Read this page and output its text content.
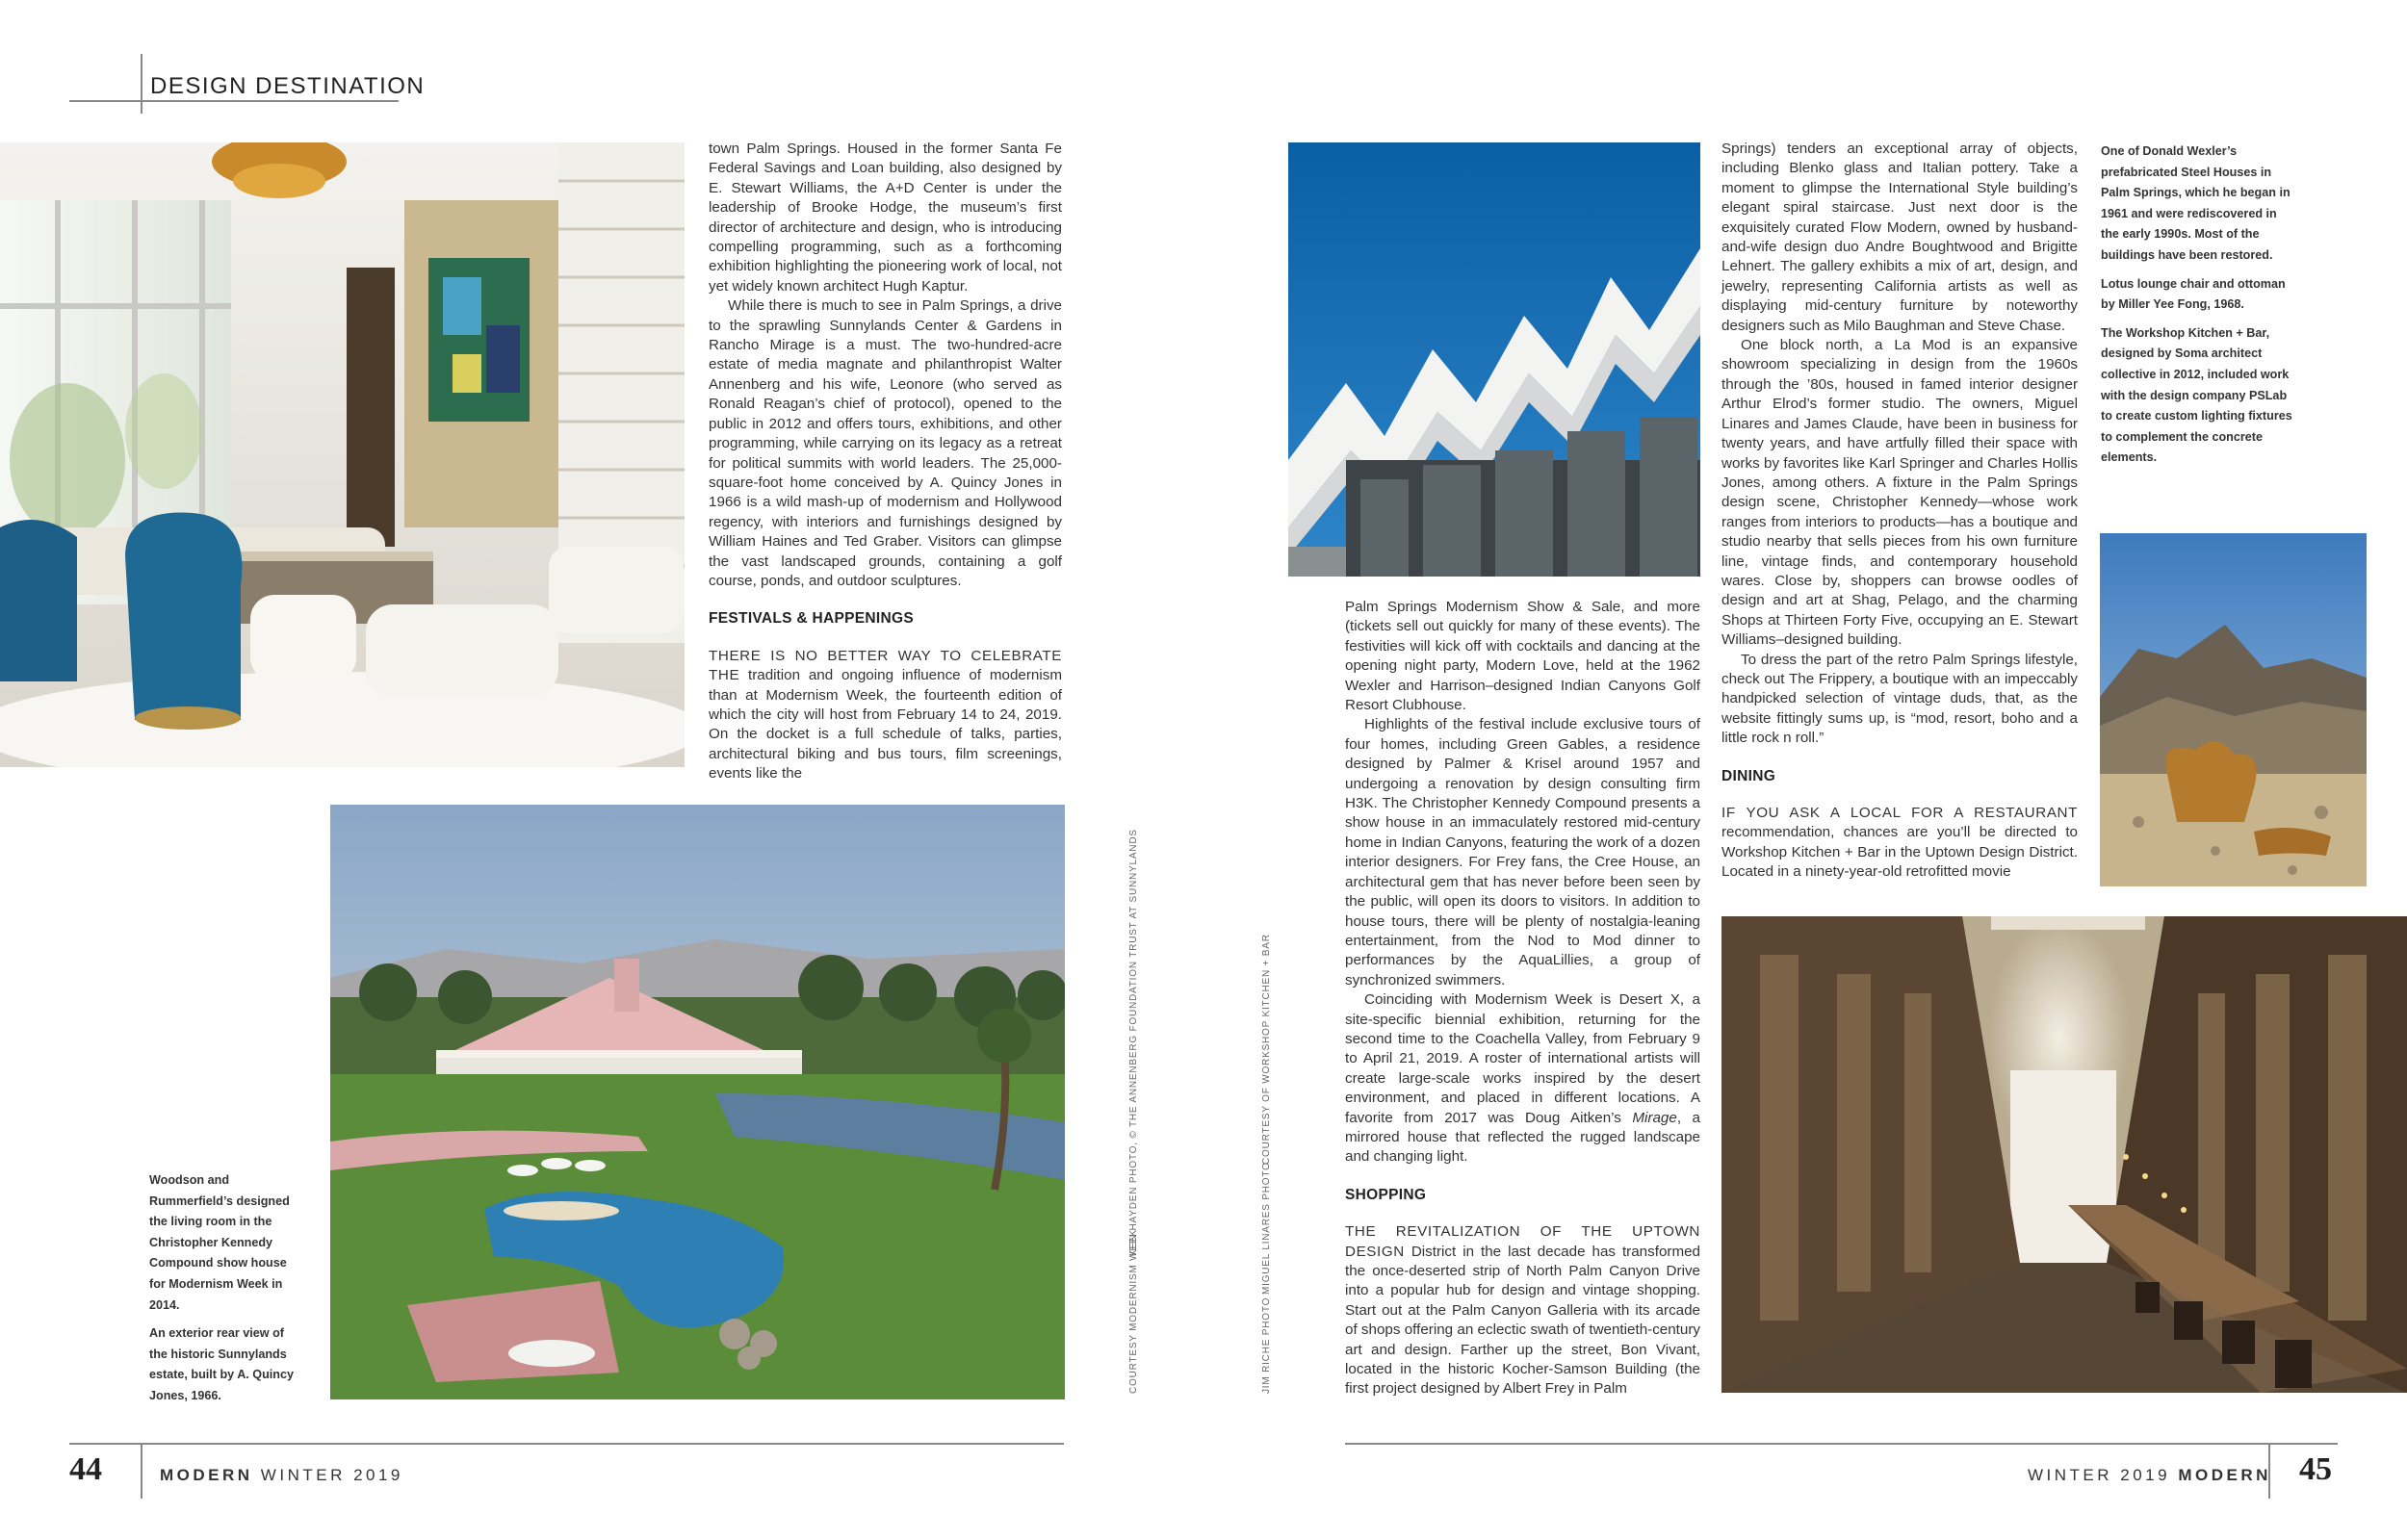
DESIGN DESTINATION

town Palm Springs. Housed in the former Santa Fe Federal Savings and Loan building, also designed by E. Stewart Williams, the A+D Center is under the leadership of Brooke Hodge, the museum’s first director of architecture and design, who is introducing compelling programming, such as a forthcoming exhibition highlighting the pioneering work of local, not yet widely known architect Hugh Kaptur.

While there is much to see in Palm Springs, a drive to the sprawling Sunnylands Center & Gardens in Rancho Mirage is a must. The two-hundred-acre estate of media magnate and philanthropist Walter Annenberg and his wife, Leonore (who served as Ronald Reagan’s chief of protocol), opened to the public in 2012 and offers tours, exhibitions, and other programming, while carrying on its legacy as a retreat for political summits with world leaders. The 25,000-square-foot home conceived by A. Quincy Jones in 1966 is a wild mash-up of modernism and Hollywood regency, with interiors and furnishings designed by William Haines and Ted Graber. Visitors can glimpse the vast landscaped grounds, containing a golf course, ponds, and outdoor sculptures.

FESTIVALS & HAPPENINGS

THERE IS NO BETTER WAY TO CELEBRATE THE tradition and ongoing influence of modernism than at Modernism Week, the fourteenth edition of which the city will host from February 14 to 24, 2019. On the docket is a full schedule of talks, parties, architectural biking and bus tours, film screenings, events like the

Woodson and Rummerfield’s designed the living room in the Christopher Kennedy Compound show house for Modernism Week in 2014.

An exterior rear view of the historic Sunnylands estate, built by A. Quincy Jones, 1966.

COURTESY MODERNISM WEEK
KEN HAYDEN PHOTO, © THE ANNENBERG FOUNDATION TRUST AT SUNNYLANDS
JIM RICHE PHOTO
MIGUEL LINARES PHOTO
COURTESY OF WORKSHOP KITCHEN + BAR

Palm Springs Modernism Show & Sale, and more (tickets sell out quickly for many of these events). The festivities will kick off with cocktails and dancing at the opening night party, Modern Love, held at the 1962 Wexler and Harrison–designed Indian Canyons Golf Resort Clubhouse.

Highlights of the festival include exclusive tours of four homes, including Green Gables, a residence designed by Palmer & Krisel around 1957 and undergoing a renovation by design consulting firm H3K. The Christopher Kennedy Compound presents a show house in an immaculately restored mid-century home in Indian Canyons, featuring the work of a dozen interior designers. For Frey fans, the Cree House, an architectural gem that has never before been seen by the public, will open its doors to visitors. In addition to house tours, there will be plenty of nostalgia-leaning entertainment, from the Nod to Mod dinner to performances by the AquaLillies, a group of synchronized swimmers.

Coinciding with Modernism Week is Desert X, a site-specific biennial exhibition, returning for the second time to the Coachella Valley, from February 9 to April 21, 2019. A roster of international artists will create large-scale works inspired by the desert environment, and placed in different locations. A favorite from 2017 was Doug Aitken’s Mirage, a mirrored house that reflected the rugged landscape and changing light.

SHOPPING

THE REVITALIZATION OF THE UPTOWN DESIGN District in the last decade has transformed the once-deserted strip of North Palm Canyon Drive into a popular hub for design and vintage shopping. Start out at the Palm Canyon Galleria with its arcade of shops offering an eclectic swath of twentieth-century art and design. Farther up the street, Bon Vivant, located in the historic Kocher-Samson Building (the first project designed by Albert Frey in Palm

Springs) tenders an exceptional array of objects, including Blenko glass and Italian pottery. Take a moment to glimpse the International Style building’s elegant spiral staircase. Just next door is the exquisitely curated Flow Modern, owned by husband-and-wife design duo Andre Boughtwood and Brigitte Lehnert. The gallery exhibits a mix of art, design, and jewelry, representing California artists as well as displaying mid-century furniture by noteworthy designers such as Milo Baughman and Steve Chase.

One block north, a La Mod is an expansive showroom specializing in design from the 1960s through the ’80s, housed in famed interior designer Arthur Elrod’s former studio. The owners, Miguel Linares and James Claude, have been in business for twenty years, and have artfully filled their space with works by favorites like Karl Springer and Charles Hollis Jones, among others. A fixture in the Palm Springs design scene, Christopher Kennedy—whose work ranges from interiors to products—has a boutique and studio nearby that sells pieces from his own furniture line, vintage finds, and contemporary household wares. Close by, shoppers can browse oodles of design and art at Shag, Pelago, and the charming Shops at Thirteen Forty Five, occupying an E. Stewart Williams–designed building.

To dress the part of the retro Palm Springs lifestyle, check out The Frippery, a boutique with an impeccably handpicked selection of vintage duds, that, as the website fittingly sums up, is “mod, resort, boho and a little rock n roll.”

DINING

IF YOU ASK A LOCAL FOR A RESTAURANT recommendation, chances are you’ll be directed to Workshop Kitchen + Bar in the Uptown Design District. Located in a ninety-year-old retrofitted movie

One of Donald Wexler’s prefabricated Steel Houses in Palm Springs, which he began in 1961 and were rediscovered in the early 1990s. Most of the buildings have been restored.

Lotus lounge chair and ottoman by Miller Yee Fong, 1968.

The Workshop Kitchen + Bar, designed by Soma architect collective in 2012, included work with the design company PSLab to create custom lighting fixtures to complement the concrete elements.

44	MODERN WINTER 2019	WINTER 2019 MODERN 45
